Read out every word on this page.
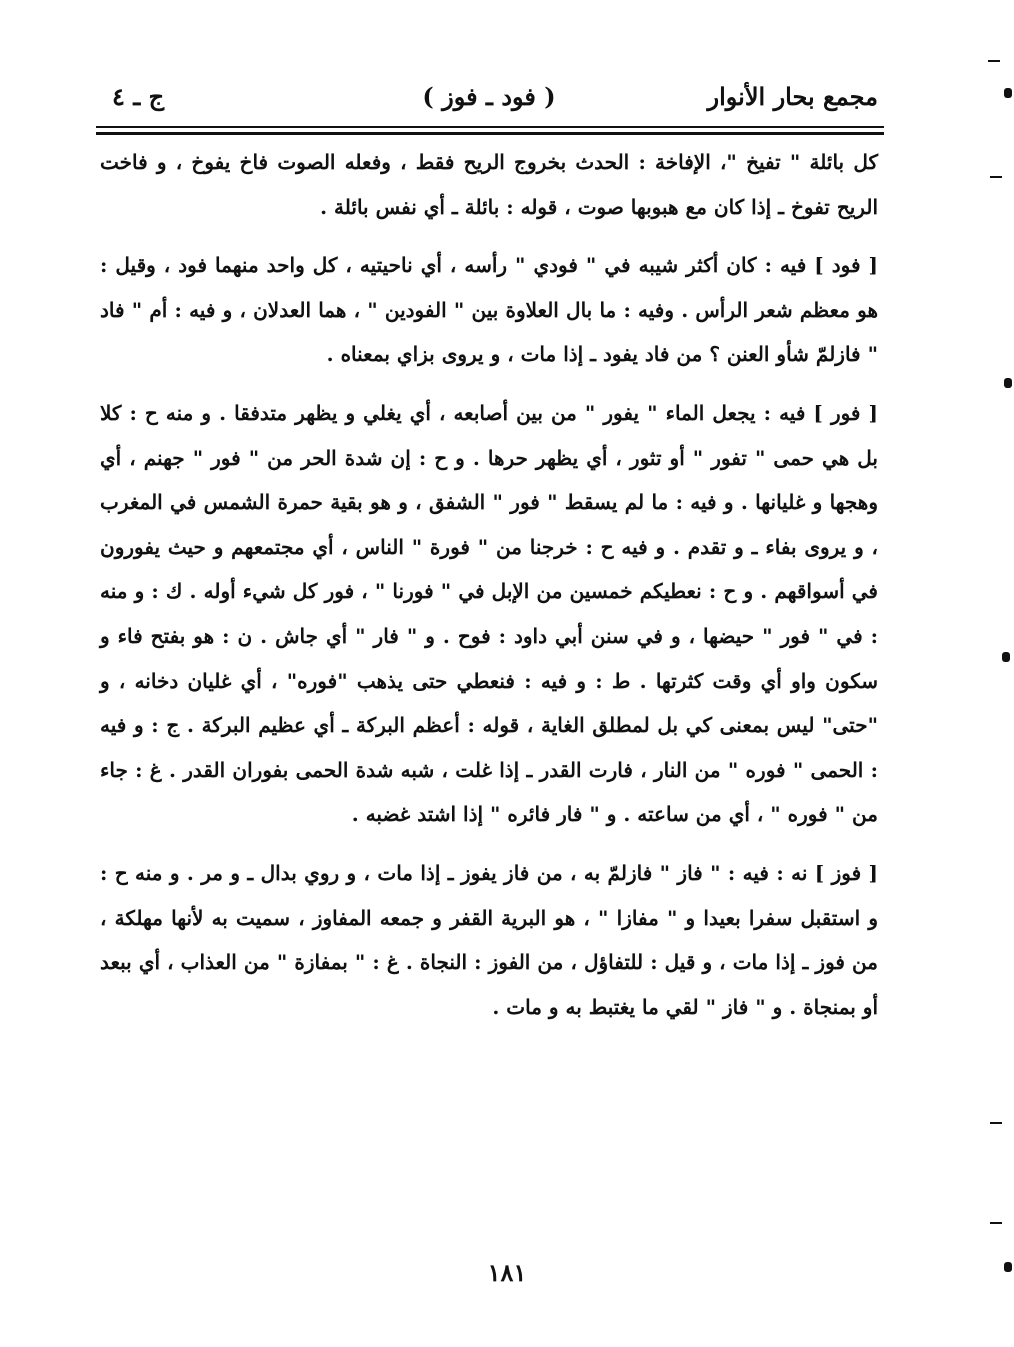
مجمع بحار الأنوار
( فود ـ فوز )
ج ـ ٤

كل بائلة " تفيخ "، الإفاخة : الحدث بخروج الريح فقط ، وفعله الصوت فاخ يفوخ ، و فاخت الريح تفوخ ـ إذا كان مع هبوبها صوت ، قوله : بائلة ـ أي نفس بائلة .

[ فود ] فيه : كان أكثر شيبه في " فودي " رأسه ، أي ناحيتيه ، كل واحد منهما فود ، وقيل : هو معظم شعر الرأس . وفيه : ما بال العلاوة بين " الفودين " ، هما العدلان ، و فيه : أم " فاد " فازلمّ شأو العنن ؟ من فاد يفود ـ إذا مات ، و يروى بزاي بمعناه .

[ فور ] فيه : يجعل الماء " يفور " من بين أصابعه ، أي يغلي و يظهر متدفقا . و منه ح : كلا بل هي حمى " تفور " أو تثور ، أي يظهر حرها . و ح : إن شدة الحر من " فور " جهنم ، أي وهجها و غليانها . و فيه : ما لم يسقط " فور " الشفق ، و هو بقية حمرة الشمس في المغرب ، و يروى بفاء ـ و تقدم . و فيه ح : خرجنا من " فورة " الناس ، أي مجتمعهم و حيث يفورون في أسواقهم . و ح : نعطيكم خمسين من الإبل في " فورنا " ، فور كل شيء أوله . ك : و منه : في " فور " حيضها ، و في سنن أبي داود : فوح . و " فار " أي جاش . ن : هو بفتح فاء و سكون واو أي وقت كثرتها . ط : و فيه : فنعطي حتى يذهب "فوره" ، أي غليان دخانه ، و "حتى" ليس بمعنى كي بل لمطلق الغاية ، قوله : أعظم البركة ـ أي عظيم البركة . ج : و فيه : الحمى " فوره " من النار ، فارت القدر ـ إذا غلت ، شبه شدة الحمى بفوران القدر . غ : جاء من " فوره " ، أي من ساعته . و " فار فائره " إذا اشتد غضبه .

[ فوز ] نه : فيه : " فاز " فازلمّ به ، من فاز يفوز ـ إذا مات ، و روي بدال ـ و مر . و منه ح : و استقبل سفرا بعيدا و " مفازا " ، هو البرية القفر و جمعه المفاوز ، سميت به لأنها مهلكة ، من فوز ـ إذا مات ، و قيل : للتفاؤل ، من الفوز : النجاة . غ : " بمفازة " من العذاب ، أي ببعد أو بمنجاة . و " فاز " لقي ما يغتبط به و مات .

١٨١
